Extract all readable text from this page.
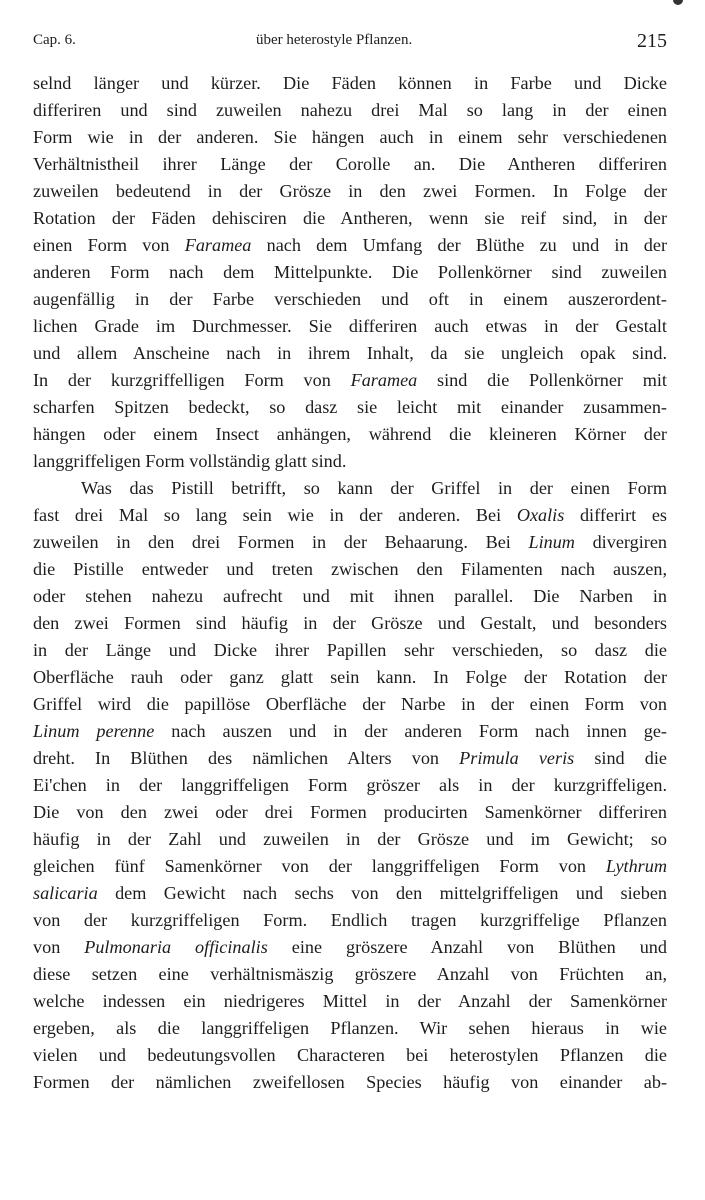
Cap. 6.	über heterostyle Pflanzen.	215
selnd länger und kürzer. Die Fäden können in Farbe und Dicke
differiren und sind zuweilen nahezu drei Mal so lang in der einen
Form wie in der anderen. Sie hängen auch in einem sehr verschiedenen
Verhältnistheil ihrer Länge der Corolle an. Die Antheren differiren
zuweilen bedeutend in der Grösze in den zwei Formen. In Folge der
Rotation der Fäden dehisciren die Antheren, wenn sie reif sind, in der
einen Form von Faramea nach dem Umfang der Blüthe zu und in der
anderen Form nach dem Mittelpunkte. Die Pollenkörner sind zuweilen
augenfällig in der Farbe verschieden und oft in einem auszerordent-
lichen Grade im Durchmesser. Sie differiren auch etwas in der Gestalt
und allem Anscheine nach in ihrem Inhalt, da sie ungleich opak sind.
In der kurzgriffelligen Form von Faramea sind die Pollenkörner mit
scharfen Spitzen bedeckt, so dasz sie leicht mit einander zusammen-
hängen oder einem Insect anhängen, während die kleineren Körner der
langgriffeligen Form vollständig glatt sind.
Was das Pistill betrifft, so kann der Griffel in der einen Form
fast drei Mal so lang sein wie in der anderen. Bei Oxalis differirt es
zuweilen in den drei Formen in der Behaarung. Bei Linum divergiren
die Pistille entweder und treten zwischen den Filamenten nach auszen,
oder stehen nahezu aufrecht und mit ihnen parallel. Die Narben in
den zwei Formen sind häufig in der Grösze und Gestalt, und besonders
in der Länge und Dicke ihrer Papillen sehr verschieden, so dasz die
Oberfläche rauh oder ganz glatt sein kann. In Folge der Rotation der
Griffel wird die papillöse Oberfläche der Narbe in der einen Form von
Linum perenne nach auszen und in der anderen Form nach innen ge-
dreht. In Blüthen des nämlichen Alters von Primula veris sind die
Ei'chen in der langgriffeligen Form gröszer als in der kurzgriffeligen.
Die von den zwei oder drei Formen producirten Samenkörner differiren
häufig in der Zahl und zuweilen in der Grösze und im Gewicht; so
gleichen fünf Samenkörner von der langgriffeligen Form von Lythrum
salicaria dem Gewicht nach sechs von den mittelgriffeligen und sieben
von der kurzgriffeligen Form. Endlich tragen kurzgriffelige Pflanzen
von Pulmonaria officinalis eine gröszere Anzahl von Blüthen und
diese setzen eine verhältnismäszig gröszere Anzahl von Früchten an,
welche indessen ein niedrigeres Mittel in der Anzahl der Samenkörner
ergeben, als die langgriffeligen Pflanzen. Wir sehen hieraus in wie
vielen und bedeutungsvollen Characteren bei heterostylen Pflanzen die
Formen der nämlichen zweifellosen Species häufig von einander ab-
